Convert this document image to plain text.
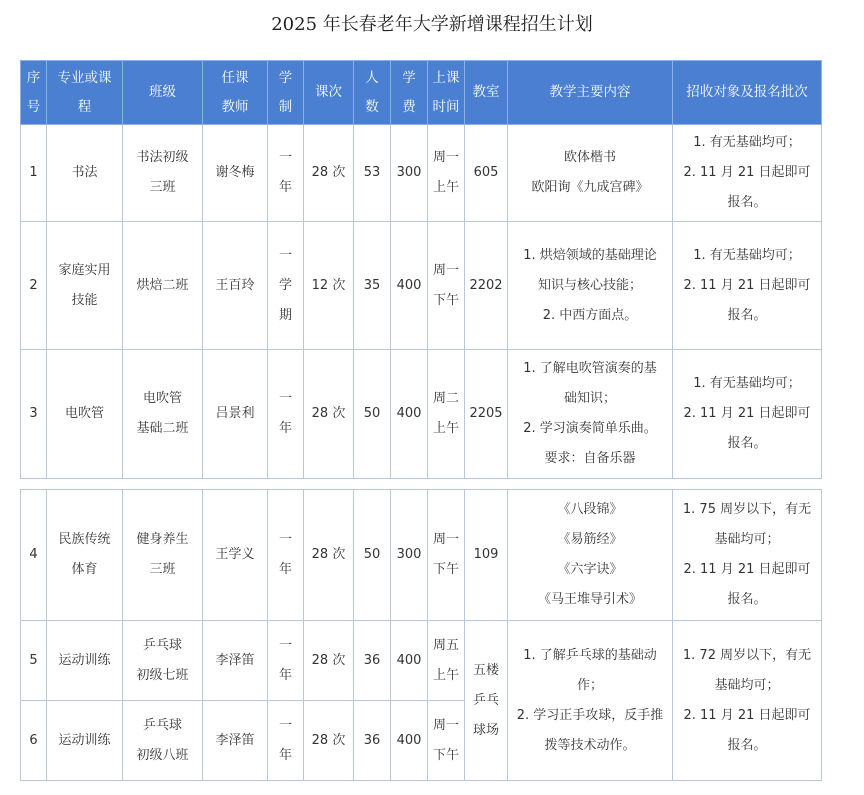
2025 年长春老年大学新增课程招生计划
序
号	专业或课
程	班级	任课
教师	学
制	课次	人
数	学
费	上课
时间	教室	教学主要内容	招收对象及报名批次
1	书法	书法初级
三班	谢冬梅	一
年	28 次	53	300	周一
上午	605	欧体楷书
欧阳询《九成宫碑》	1. 有无基础均可；
2. 11 月 21 日起即可
报名。

2	家庭实用
技能	烘焙二班	王百玲	一
学
期	12 次	35	400	周一
下午	2202	1. 烘焙领域的基础理论
知识与核心技能；
2. 中西方面点。	1. 有无基础均可；
2. 11 月 21 日起即可
报名。

3	电吹管	电吹管
基础二班	吕景利	一
年	28 次	50	400	周二
上午	2205	1. 了解电吹管演奏的基
础知识；
2. 学习演奏简单乐曲。
要求：自备乐器	1. 有无基础均可；
2. 11 月 21 日起即可
报名。
4	民族传统
体育	健身养生
三班	王学义	一
年	28 次	50	300	周一
下午	109	《八段锦》
《易筋经》
《六字诀》
《马王堆导引术》	1. 75 周岁以下，有无
基础均可；
2. 11 月 21 日起即可
报名。

5	运动训练	乒乓球
初级七班	李泽笛	一
年	28 次	36	400	周五
上午	五楼
乒乓
球场	1. 了解乒乓球的基础动
作；
2. 学习正手攻球，反手推
拨等技术动作。	1. 72 周岁以下，有无
基础均可；
2. 11 月 21 日起即可
报名。

6	运动训练	乒乓球
初级八班	李泽笛	一
年	28 次	36	400	周一
下午			
